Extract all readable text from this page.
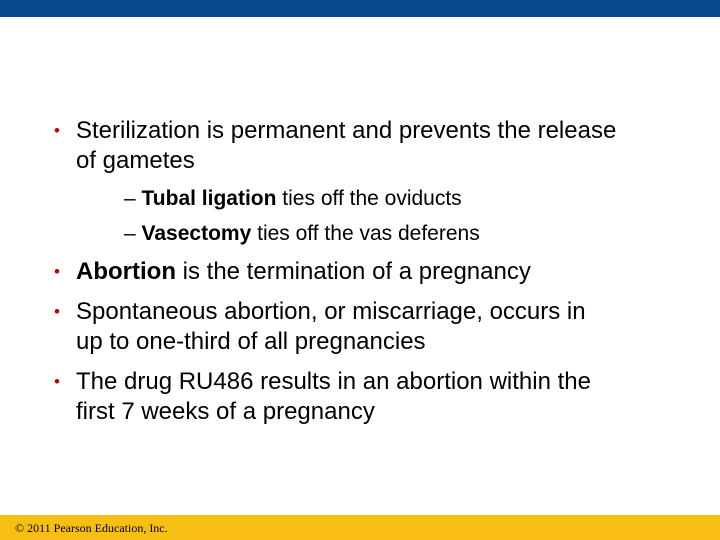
• Sterilization is permanent and prevents the release
of gametes
– Tubal ligation ties off the oviducts
– Vasectomy ties off the vas deferens
• Abortion is the termination of a pregnancy
• Spontaneous abortion, or miscarriage, occurs in
up to one-third of all pregnancies
• The drug RU486 results in an abortion within the
first 7 weeks of a pregnancy
© 2011 Pearson Education, Inc.
